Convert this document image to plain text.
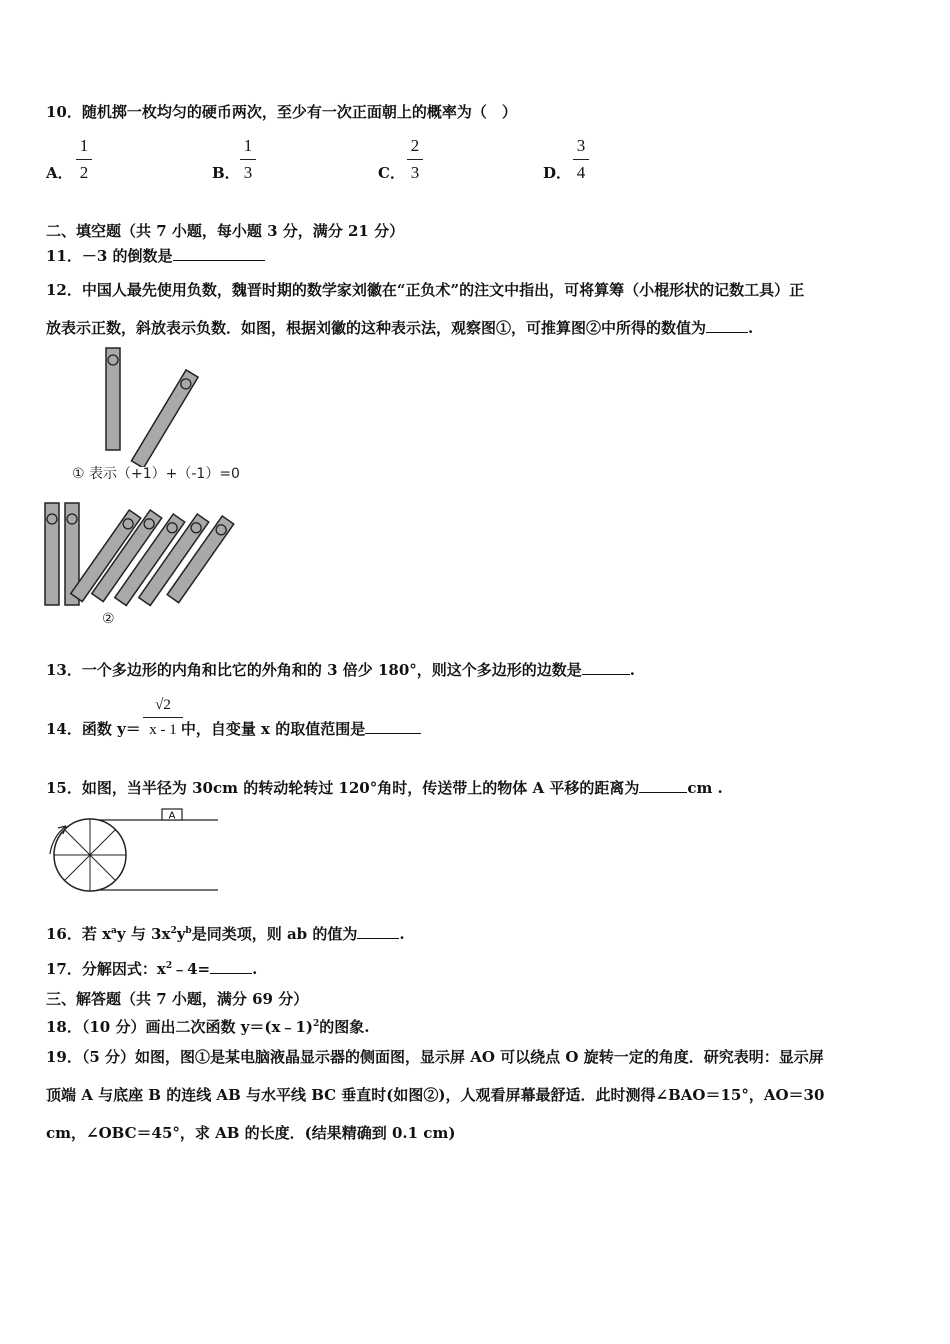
10．随机掷一枚均匀的硬币两次，至少有一次正面朝上的概率为（　）
A．
1
2	B．
1
3	C．
2
3	D．
3
4
二、填空题（共 7 小题，每小题 3 分，满分 21 分）
11．－3 的倒数是
12．中国人最先使用负数，魏晋时期的数学家刘徽在“正负术”的注文中指出，可将算筹（小棍形状的记数工具）正
放表示正数，斜放表示负数．如图，根据刘徽的这种表示法，观察图①，可推算图②中所得的数值为	.
① 表示（+1）+（-1）=0
②
13．一个多边形的内角和比它的外角和的 3 倍少 180°，则这个多边形的边数是	.
14．函数 y＝	中，自变量 x 的取值范围是
√2
x - 1
15．如图，当半径为 30cm 的转动轮转过 120°角时，传送带上的物体 A 平移的距离为	cm .
A
16．若 $x^ay$ 与 $3x^2y^b$是同类项，则 ab 的值为	.
17．分解因式：$x^2﹣4=$	.
三、解答题（共 7 小题，满分 69 分）
18．（10 分）画出二次函数 y＝(x﹣1)$^2$的图象.
19．（5 分）如图，图①是某电脑液晶显示器的侧面图，显示屏 AO 可以绕点 O 旋转一定的角度．研究表明：显示屏
顶端 A 与底座 B 的连线 AB 与水平线 BC 垂直时(如图②)，人观看屏幕最舒适．此时测得∠BAO＝15°，AO＝30
cm，∠OBC＝45°，求 AB 的长度．(结果精确到 0.1 cm)
